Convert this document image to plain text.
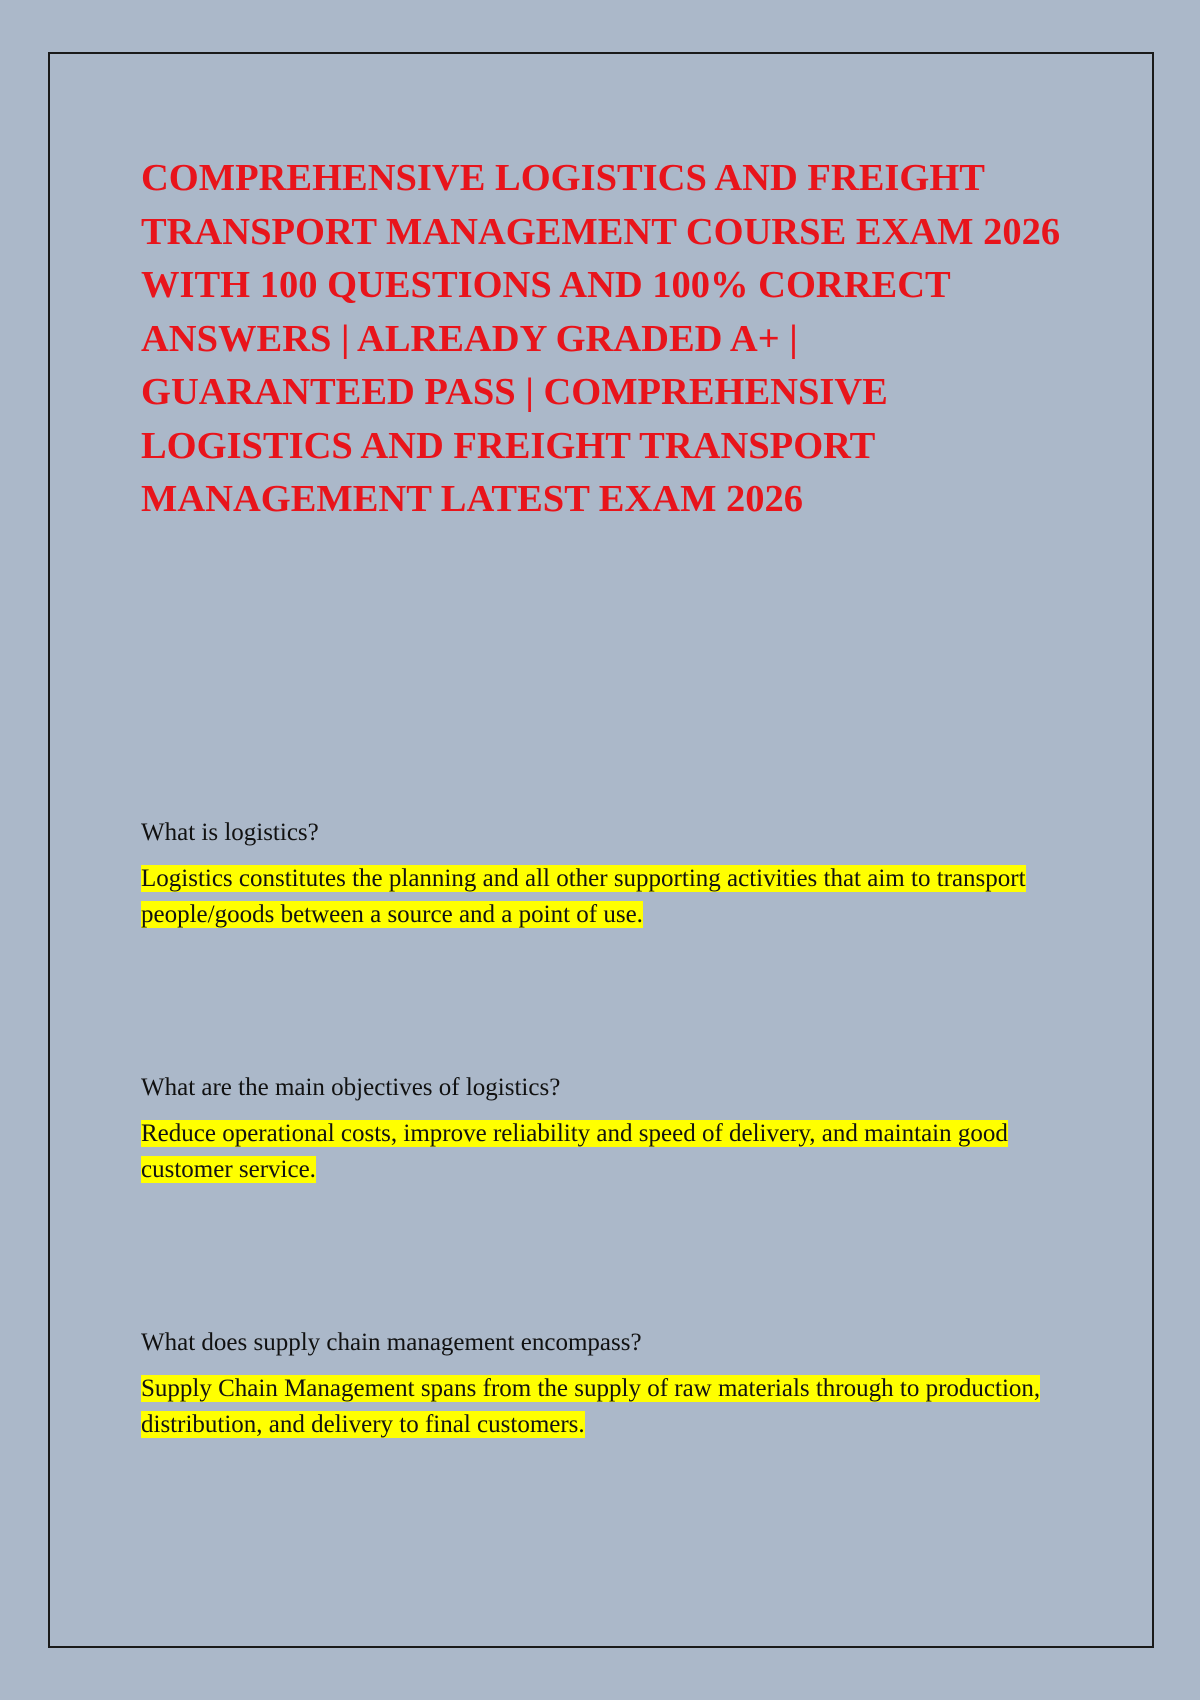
COMPREHENSIVE LOGISTICS AND FREIGHT TRANSPORT MANAGEMENT COURSE EXAM 2026 WITH 100 QUESTIONS AND 100% CORRECT ANSWERS | ALREADY GRADED A+ | GUARANTEED PASS | COMPREHENSIVE LOGISTICS AND FREIGHT TRANSPORT MANAGEMENT LATEST EXAM 2026

What is logistics?

Logistics constitutes the planning and all other supporting activities that aim to transport people/goods between a source and a point of use.

What are the main objectives of logistics?

Reduce operational costs, improve reliability and speed of delivery, and maintain good customer service.

What does supply chain management encompass?

Supply Chain Management spans from the supply of raw materials through to production, distribution, and delivery to final customers.
